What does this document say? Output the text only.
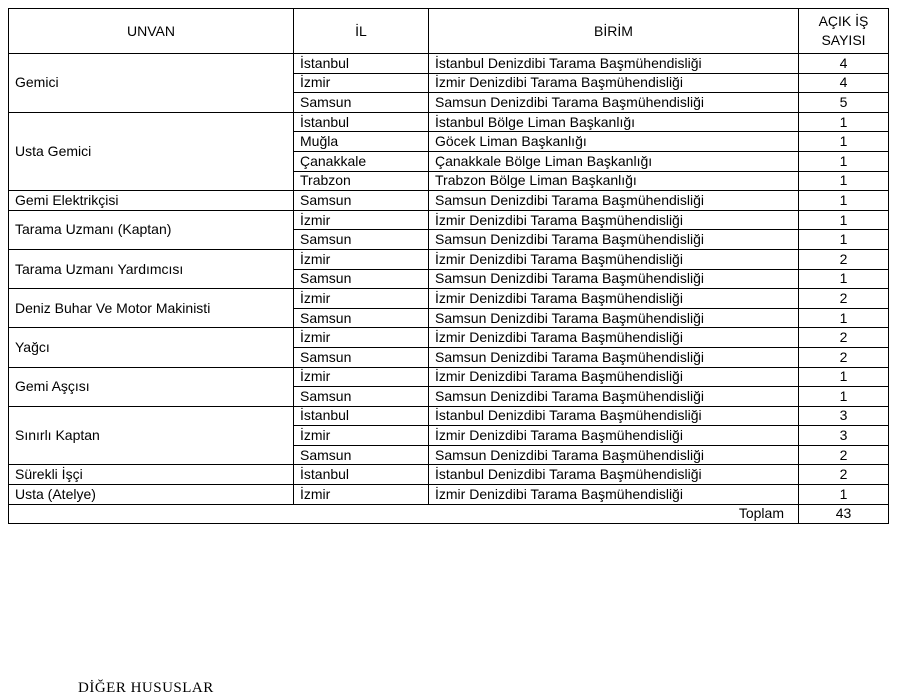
UNVAN	İL	BİRİM	AÇIK İŞ
SAYISI
Gemici	İstanbul	İstanbul Denizdibi Tarama Başmühendisliği	4
	İzmir	İzmir Denizdibi Tarama Başmühendisliği	4
	Samsun	Samsun Denizdibi Tarama Başmühendisliği	5
Usta Gemici	İstanbul	İstanbul Bölge Liman Başkanlığı	1
	Muğla	Göcek Liman Başkanlığı	1
	Çanakkale	Çanakkale Bölge Liman Başkanlığı	1
	Trabzon	Trabzon Bölge Liman Başkanlığı	1
Gemi Elektrikçisi	Samsun	Samsun Denizdibi Tarama Başmühendisliği	1
Tarama Uzmanı (Kaptan)	İzmir	İzmir Denizdibi Tarama Başmühendisliği	1
	Samsun	Samsun Denizdibi Tarama Başmühendisliği	1
Tarama Uzmanı Yardımcısı	İzmir	İzmir Denizdibi Tarama Başmühendisliği	2
	Samsun	Samsun Denizdibi Tarama Başmühendisliği	1
Deniz Buhar Ve Motor Makinisti	İzmir	İzmir Denizdibi Tarama Başmühendisliği	2
	Samsun	Samsun Denizdibi Tarama Başmühendisliği	1
Yağcı	İzmir	İzmir Denizdibi Tarama Başmühendisliği	2
	Samsun	Samsun Denizdibi Tarama Başmühendisliği	2
Gemi Aşçısı	İzmir	İzmir Denizdibi Tarama Başmühendisliği	1
	Samsun	Samsun Denizdibi Tarama Başmühendisliği	1
Sınırlı Kaptan	İstanbul	İstanbul Denizdibi Tarama Başmühendisliği	3
	İzmir	İzmir Denizdibi Tarama Başmühendisliği	3
	Samsun	Samsun Denizdibi Tarama Başmühendisliği	2
Sürekli İşçi	İstanbul	İstanbul Denizdibi Tarama Başmühendisliği	2
Usta (Atelye)	İzmir	İzmir Denizdibi Tarama Başmühendisliği	1
Toplam			43
DİĞER HUSUSLAR
